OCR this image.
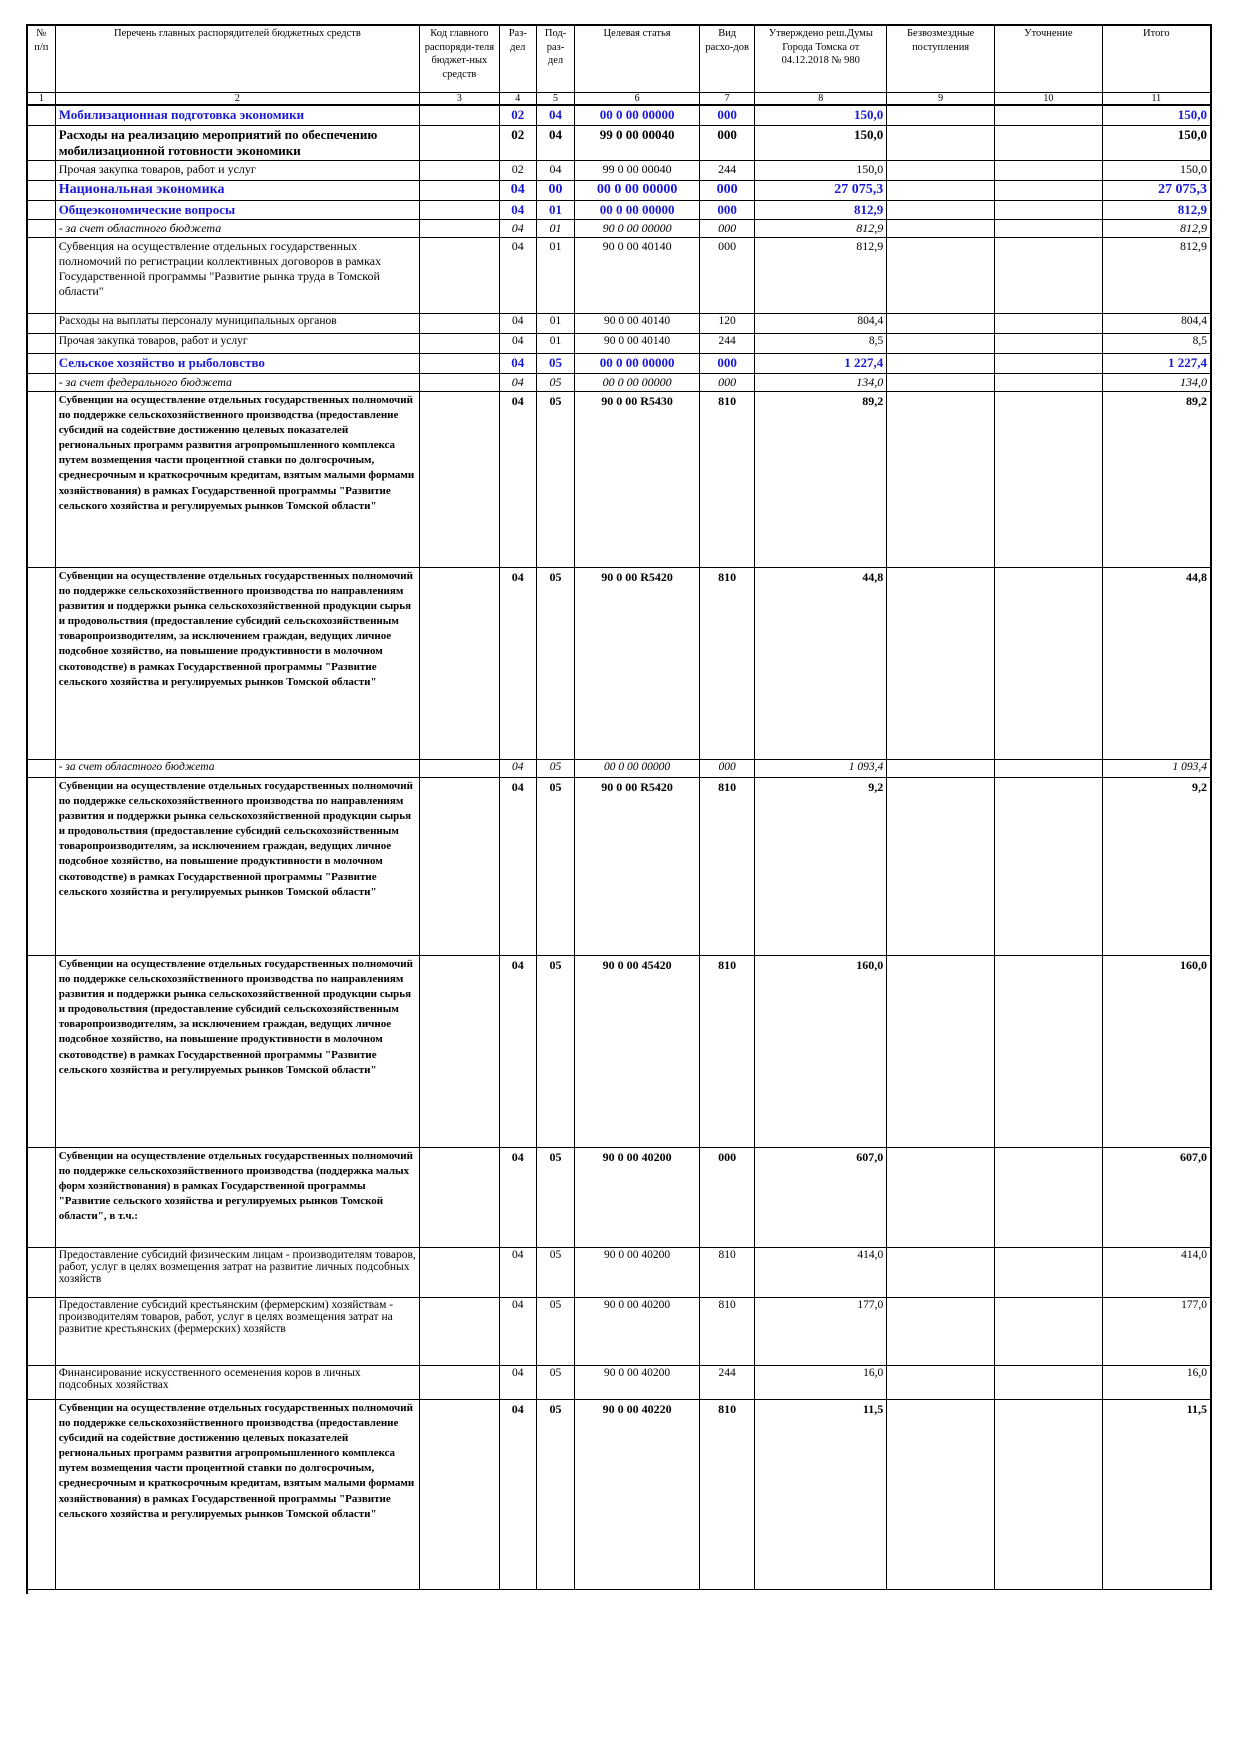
№ п/п	Перечень главных распорядителей бюджетных средств	Код главного распоряди-теля бюджет-ных средств	Раз-дел	Под-раз-дел	Целевая статья	Вид расхо-дов	Утверждено реш.Думы Города Томска от 04.12.2018 № 980	Безвозмездные поступления	Уточнение	Итого
1	2	3	4	5	6	7	8	9	10	11
	Мобилизационная подготовка экономики		02	04	00 0 00 00000	000	150,0			150,0
	Расходы на реализацию мероприятий по обеспечению мобилизационной готовности экономики		02	04	99 0 00 00040	000	150,0			150,0
	Прочая закупка товаров, работ и услуг		02	04	99 0 00 00040	244	150,0			150,0
	Национальная экономика		04	00	00 0 00 00000	000	27 075,3			27 075,3
	Общеэкономические вопросы		04	01	00 0 00 00000	000	812,9			812,9
	- за счет областного бюджета		04	01	90 0 00 00000	000	812,9			812,9
	Субвенция на осуществление отдельных государственных полномочий по регистрации коллективных договоров в рамках Государственной программы "Развитие рынка труда в Томской области"		04	01	90 0 00 40140	000	812,9			812,9
	Расходы на выплаты персоналу муниципальных органов		04	01	90 0 00 40140	120	804,4			804,4
	Прочая закупка товаров, работ и услуг		04	01	90 0 00 40140	244	8,5			8,5
	Сельское хозяйство и рыболовство		04	05	00 0 00 00000	000	1 227,4			1 227,4
	- за счет федерального бюджета		04	05	00 0 00 00000	000	134,0			134,0
	Субвенции на осуществление отдельных государственных полномочий по поддержке сельскохозяйственного производства (предоставление субсидий на содействие достижению целевых показателей региональных программ развития агропромышленного комплекса путем возмещения части процентной ставки по долгосрочным, среднесрочным и краткосрочным кредитам, взятым малыми формами хозяйствования) в рамках Государственной программы "Развитие сельского хозяйства и регулируемых рынков Томской области"		04	05	90 0 00 R5430	810	89,2			89,2
	Субвенции на осуществление отдельных государственных полномочий по поддержке сельскохозяйственного производства по направлениям развития и поддержки рынка сельскохозяйственной продукции сырья и продовольствия (предоставление субсидий сельскохозяйственным товаропроизводителям, за исключением граждан, ведущих личное подсобное хозяйство, на повышение продуктивности в молочном скотоводстве) в рамках Государственной программы "Развитие сельского хозяйства и регулируемых рынков Томской области"		04	05	90 0 00 R5420	810	44,8			44,8
	- за счет областного бюджета		04	05	00 0 00 00000	000	1 093,4			1 093,4
	Субвенции на осуществление отдельных государственных полномочий по поддержке сельскохозяйственного производства по направлениям развития и поддержки рынка сельскохозяйственной продукции сырья и продовольствия (предоставление субсидий сельскохозяйственным товаропроизводителям, за исключением граждан, ведущих личное подсобное хозяйство, на повышение продуктивности в молочном скотоводстве) в рамках Государственной программы "Развитие сельского хозяйства и регулируемых рынков Томской области"		04	05	90 0 00 R5420	810	9,2			9,2
	Субвенции на осуществление отдельных государственных полномочий по поддержке сельскохозяйственного производства по направлениям развития и поддержки рынка сельскохозяйственной продукции сырья и продовольствия (предоставление субсидий сельскохозяйственным товаропроизводителям, за исключением граждан, ведущих личное подсобное хозяйство, на повышение продуктивности в молочном скотоводстве) в рамках Государственной программы "Развитие сельского хозяйства и регулируемых рынков Томской области"		04	05	90 0 00 45420	810	160,0			160,0
	Субвенции на осуществление отдельных государственных полномочий по поддержке сельскохозяйственного производства (поддержка малых форм хозяйствования) в рамках Государственной программы "Развитие сельского хозяйства и регулируемых рынков Томской области", в т.ч.:		04	05	90 0 00 40200	000	607,0			607,0
	Предоставление субсидий физическим лицам - производителям товаров, работ, услуг в целях возмещения затрат на развитие личных подсобных хозяйств		04	05	90 0 00 40200	810	414,0			414,0
	Предоставление субсидий крестьянским (фермерским) хозяйствам - производителям товаров, работ, услуг в целях возмещения затрат на развитие крестьянских (фермерских) хозяйств		04	05	90 0 00 40200	810	177,0			177,0
	Финансирование искусственного осеменения коров в личных подсобных хозяйствах		04	05	90 0 00 40200	244	16,0			16,0
	Субвенции на осуществление отдельных государственных полномочий по поддержке сельскохозяйственного производства (предоставление субсидий на содействие достижению целевых показателей региональных программ развития агропромышленного комплекса путем возмещения части процентной ставки по долгосрочным, среднесрочным и краткосрочным кредитам, взятым малыми формами хозяйствования) в рамках Государственной программы "Развитие сельского хозяйства и регулируемых рынков Томской области"		04	05	90 0 00 40220	810	11,5			11,5
